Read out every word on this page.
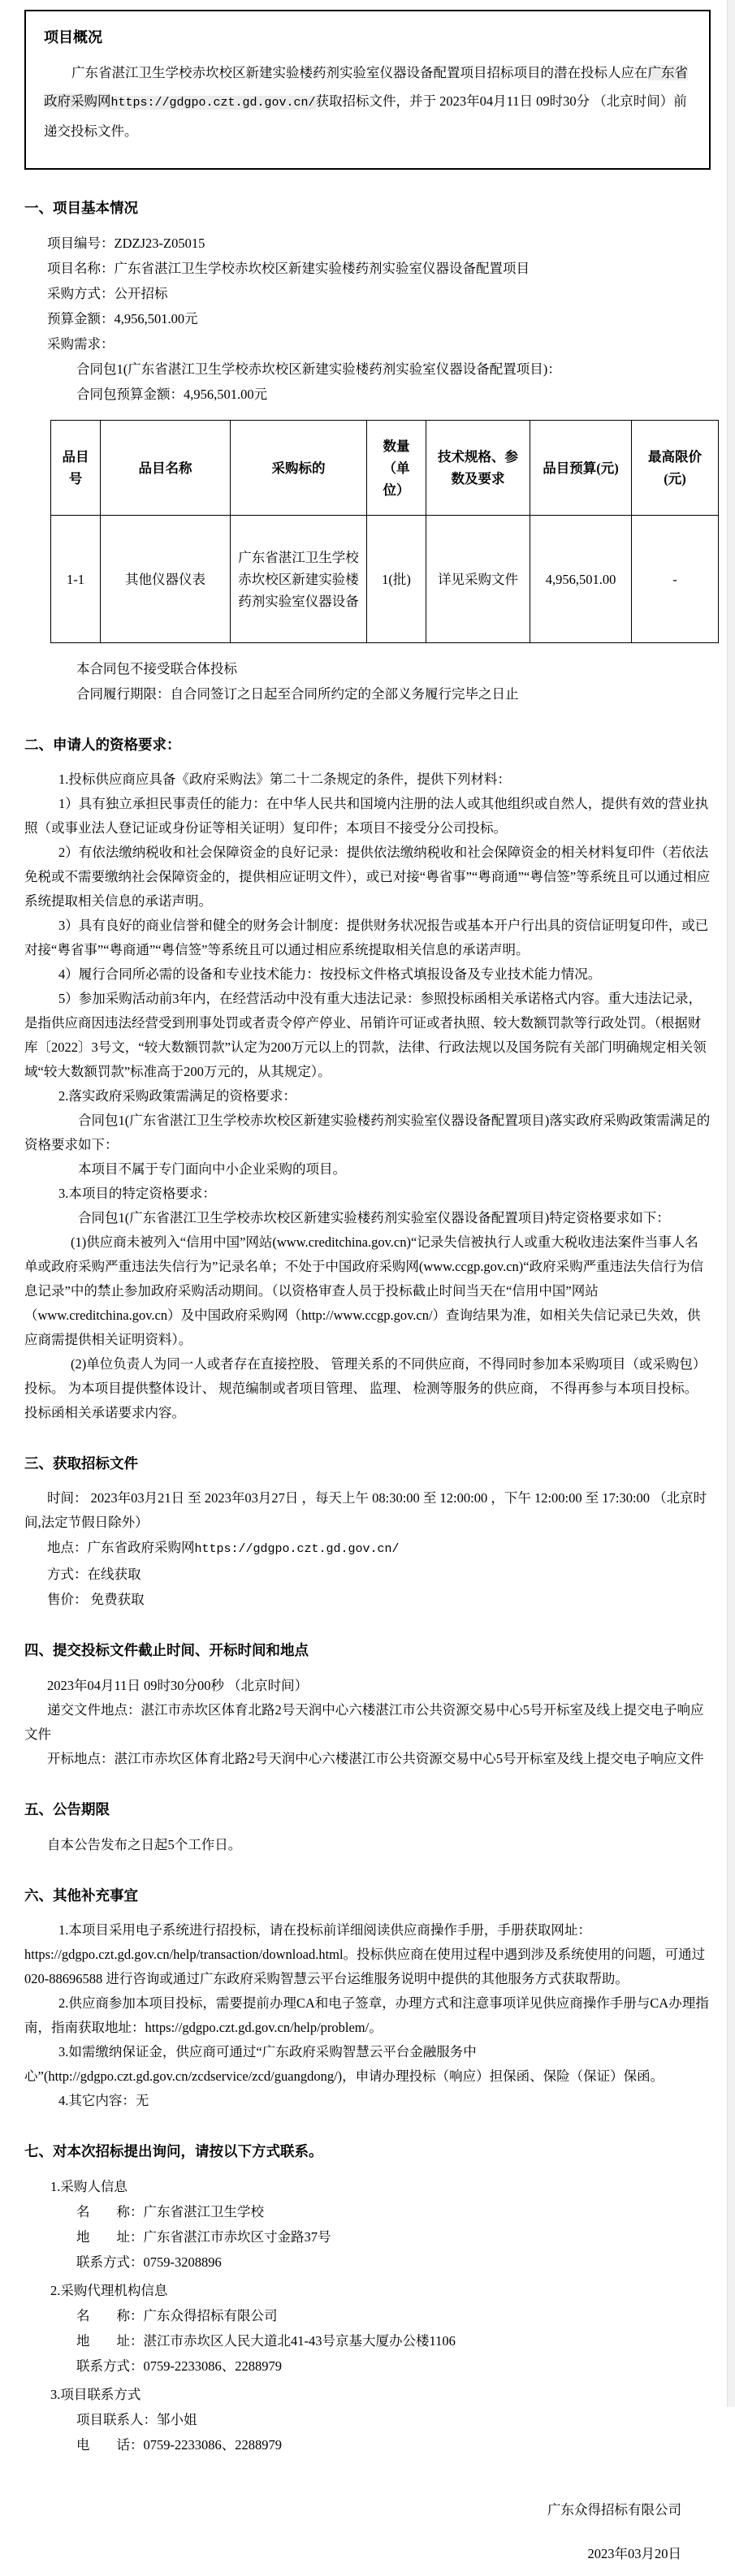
项目概况

广东省湛江卫生学校赤坎校区新建实验楼药剂实验室仪器设备配置项目招标项目的潜在投标人应在广东省政府采购网https://gdgpo.czt.gd.gov.cn/获取招标文件，并于 2023年04月11日 09时30分 （北京时间）前递交投标文件。

一、项目基本情况

项目编号：ZDZJ23-Z05015

项目名称：广东省湛江卫生学校赤坎校区新建实验楼药剂实验室仪器设备配置项目

采购方式：公开招标

预算金额：4,956,501.00元

采购需求：

合同包1(广东省湛江卫生学校赤坎校区新建实验楼药剂实验室仪器设备配置项目)：

合同包预算金额：4,956,501.00元

品目号	品目名称	采购标的	数量（单位）	技术规格、参数及要求	品目预算(元)	最高限价(元)
1-1	其他仪器仪表	广东省湛江卫生学校赤坎校区新建实验楼药剂实验室仪器设备	1(批)	详见采购文件	4,956,501.00	-

本合同包不接受联合体投标

合同履行期限：自合同签订之日起至合同所约定的全部义务履行完毕之日止

二、申请人的资格要求：

1.投标供应商应具备《政府采购法》第二十二条规定的条件，提供下列材料：

1）具有独立承担民事责任的能力：在中华人民共和国境内注册的法人或其他组织或自然人，提供有效的营业执照（或事业法人登记证或身份证等相关证明）复印件；本项目不接受分公司投标。

2）有依法缴纳税收和社会保障资金的良好记录：提供依法缴纳税收和社会保障资金的相关材料复印件（若依法免税或不需要缴纳社会保障资金的，提供相应证明文件），或已对接“粤省事”“粤商通”“粤信签”等系统且可以通过相应系统提取相关信息的承诺声明。

3）具有良好的商业信誉和健全的财务会计制度：提供财务状况报告或基本开户行出具的资信证明复印件，或已对接“粤省事”“粤商通”“粤信签”等系统且可以通过相应系统提取相关信息的承诺声明。

4）履行合同所必需的设备和专业技术能力：按投标文件格式填报设备及专业技术能力情况。

5）参加采购活动前3年内，在经营活动中没有重大违法记录：参照投标函相关承诺格式内容。重大违法记录，是指供应商因违法经营受到刑事处罚或者责令停产停业、吊销许可证或者执照、较大数额罚款等行政处罚。（根据财库〔2022〕3号文，“较大数额罚款”认定为200万元以上的罚款，法律、行政法规以及国务院有关部门明确规定相关领域“较大数额罚款”标准高于200万元的，从其规定）。

2.落实政府采购政策需满足的资格要求：

合同包1(广东省湛江卫生学校赤坎校区新建实验楼药剂实验室仪器设备配置项目)落实政府采购政策需满足的资格要求如下：

本项目不属于专门面向中小企业采购的项目。

3.本项目的特定资格要求：

合同包1(广东省湛江卫生学校赤坎校区新建实验楼药剂实验室仪器设备配置项目)特定资格要求如下：

(1)供应商未被列入“信用中国”网站(www.creditchina.gov.cn)“记录失信被执行人或重大税收违法案件当事人名单或政府采购严重违法失信行为”记录名单；不处于中国政府采购网(www.ccgp.gov.cn)“政府采购严重违法失信行为信息记录”中的禁止参加政府采购活动期间。（以资格审查人员于投标截止时间当天在“信用中国”网站（www.creditchina.gov.cn）及中国政府采购网（http://www.ccgp.gov.cn/）查询结果为准，如相关失信记录已失效，供应商需提供相关证明资料）。

(2)单位负责人为同一人或者存在直接控股、 管理关系的不同供应商，不得同时参加本采购项目（或采购包）投标。 为本项目提供整体设计、 规范编制或者项目管理、 监理、 检测等服务的供应商， 不得再参与本项目投标。 投标函相关承诺要求内容。

三、获取招标文件

时间： 2023年03月21日 至 2023年03月27日 ，每天上午 08:30:00 至 12:00:00 ，下午 12:00:00 至 17:30:00 （北京时间,法定节假日除外）

地点：广东省政府采购网https://gdgpo.czt.gd.gov.cn/

方式：在线获取

售价： 免费获取

四、提交投标文件截止时间、开标时间和地点

2023年04月11日 09时30分00秒 （北京时间）

递交文件地点：湛江市赤坎区体育北路2号天润中心六楼湛江市公共资源交易中心5号开标室及线上提交电子响应文件

开标地点：湛江市赤坎区体育北路2号天润中心六楼湛江市公共资源交易中心5号开标室及线上提交电子响应文件

五、公告期限

自本公告发布之日起5个工作日。

六、其他补充事宜

1.本项目采用电子系统进行招投标，请在投标前详细阅读供应商操作手册，手册获取网址：https://gdgpo.czt.gd.gov.cn/help/transaction/download.html。投标供应商在使用过程中遇到涉及系统使用的问题，可通过020-88696588 进行咨询或通过广东政府采购智慧云平台运维服务说明中提供的其他服务方式获取帮助。

2.供应商参加本项目投标，需要提前办理CA和电子签章，办理方式和注意事项详见供应商操作手册与CA办理指南，指南获取地址：https://gdgpo.czt.gd.gov.cn/help/problem/。

3.如需缴纳保证金，供应商可通过“广东政府采购智慧云平台金融服务中心”(http://gdgpo.czt.gd.gov.cn/zcdservice/zcd/guangdong/)，申请办理投标（响应）担保函、保险（保证）保函。

4.其它内容：无

七、对本次招标提出询问，请按以下方式联系。

1.采购人信息

名　　称：广东省湛江卫生学校

地　　址：广东省湛江市赤坎区寸金路37号

联系方式：0759-3208896

2.采购代理机构信息

名　　称：广东众得招标有限公司

地　　址：湛江市赤坎区人民大道北41-43号京基大厦办公楼1106

联系方式：0759-2233086、2288979

3.项目联系方式

项目联系人：邹小姐

电　　话：0759-2233086、2288979

广东众得招标有限公司
2023年03月20日
